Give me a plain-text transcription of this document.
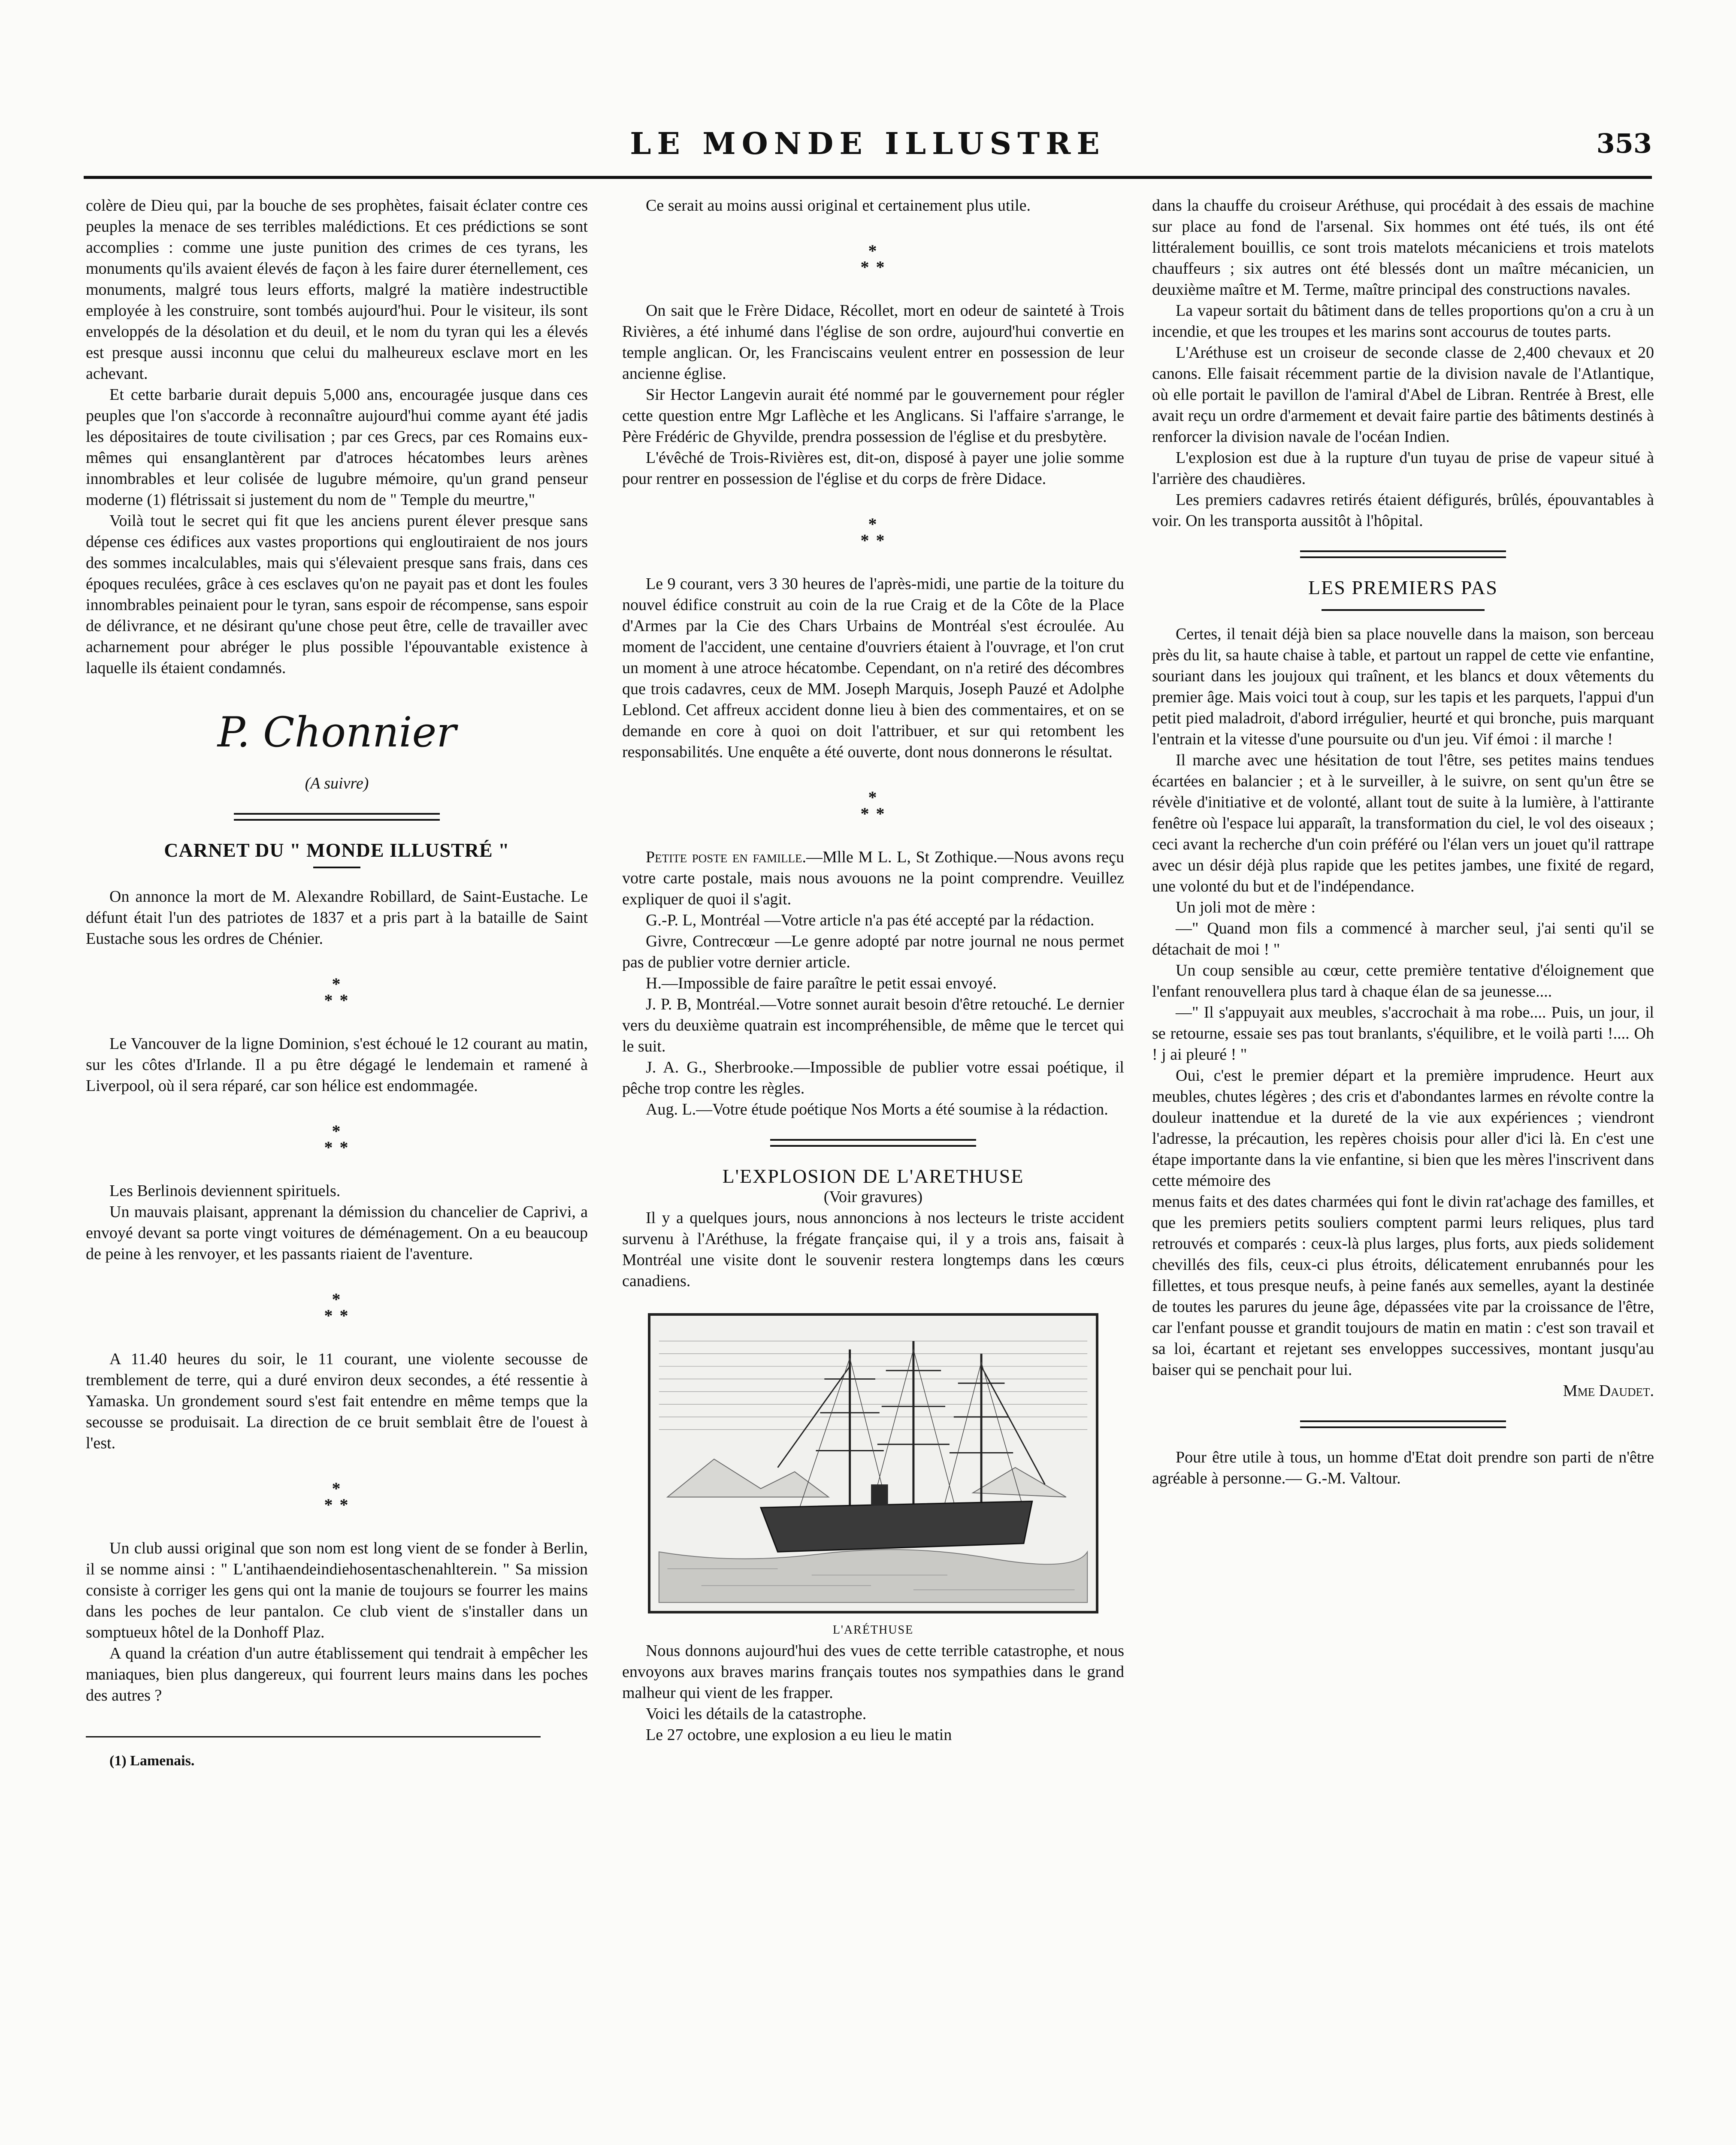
LE MONDE ILLUSTRE	353

colère de Dieu qui, par la bouche de ses prophètes, faisait éclater contre ces peuples la menace de ses terribles malédictions. Et ces prédictions se sont accomplies : comme une juste punition des crimes de ces tyrans, les monuments qu'ils avaient élevés de façon à les faire durer éternellement, ces monuments, malgré tous leurs efforts, malgré la matière indestructible employée à les construire, sont tombés aujourd'hui. Pour le visiteur, ils sont enveloppés de la désolation et du deuil, et le nom du tyran qui les a élevés est presque aussi inconnu que celui du malheureux esclave mort en les achevant.

Et cette barbarie durait depuis 5,000 ans, encouragée jusque dans ces peuples que l'on s'accorde à reconnaître aujourd'hui comme ayant été jadis les dépositaires de toute civilisation ; par ces Grecs, par ces Romains eux-mêmes qui ensanglantèrent par d'atroces hécatombes leurs arènes innombrables et leur colisée de lugubre mémoire, qu'un grand penseur moderne (1) flétrissait si justement du nom de " Temple du meurtre,"

Voilà tout le secret qui fit que les anciens purent élever presque sans dépense ces édifices aux vastes proportions qui engloutiraient de nos jours des sommes incalculables, mais qui s'élevaient presque sans frais, dans ces époques reculées, grâce à ces esclaves qu'on ne payait pas et dont les foules innombrables peinaient pour le tyran, sans espoir de récompense, sans espoir de délivrance, et ne désirant qu'une chose peut être, celle de travailler avec acharnement pour abréger le plus possible l'épouvantable existence à laquelle ils étaient condamnés.

P. Chonnier

(A suivre)

CARNET DU " MONDE ILLUSTRÉ "

On annonce la mort de M. Alexandre Robillard, de Saint-Eustache. Le défunt était l'un des patriotes de 1837 et a pris part à la bataille de Saint Eustache sous les ordres de Chénier.

*
* *

Le Vancouver de la ligne Dominion, s'est échoué le 12 courant au matin, sur les côtes d'Irlande. Il a pu être dégagé le lendemain et ramené à Liverpool, où il sera réparé, car son hélice est endommagée.

*
* *

Les Berlinois deviennent spirituels.

Un mauvais plaisant, apprenant la démission du chancelier de Caprivi, a envoyé devant sa porte vingt voitures de déménagement. On a eu beaucoup de peine à les renvoyer, et les passants riaient de l'aventure.

*
* *

A 11.40 heures du soir, le 11 courant, une violente secousse de tremblement de terre, qui a duré environ deux secondes, a été ressentie à Yamaska. Un grondement sourd s'est fait entendre en même temps que la secousse se produisait. La direction de ce bruit semblait être de l'ouest à l'est.

*
* *

Un club aussi original que son nom est long vient de se fonder à Berlin, il se nomme ainsi : " L'antihaendeindiehosentaschenahlterein. " Sa mission consiste à corriger les gens qui ont la manie de toujours se fourrer les mains dans les poches de leur pantalon. Ce club vient de s'installer dans un somptueux hôtel de la Donhoff Plaz.

A quand la création d'un autre établissement qui tendrait à empêcher les maniaques, bien plus dangereux, qui fourrent leurs mains dans les poches des autres ?

(1) Lamenais.

Ce serait au moins aussi original et certainement plus utile.

*
* *

On sait que le Frère Didace, Récollet, mort en odeur de sainteté à Trois Rivières, a été inhumé dans l'église de son ordre, aujourd'hui convertie en temple anglican. Or, les Franciscains veulent entrer en possession de leur ancienne église.

Sir Hector Langevin aurait été nommé par le gouvernement pour régler cette question entre Mgr Laflèche et les Anglicans. Si l'affaire s'arrange, le Père Frédéric de Ghyvilde, prendra possession de l'église et du presbytère.

L'évêché de Trois-Rivières est, dit-on, disposé à payer une jolie somme pour rentrer en possession de l'église et du corps de frère Didace.

*
* *

Le 9 courant, vers 3 30 heures de l'après-midi, une partie de la toiture du nouvel édifice construit au coin de la rue Craig et de la Côte de la Place d'Armes par la Cie des Chars Urbains de Montréal s'est écroulée. Au moment de l'accident, une centaine d'ouvriers étaient à l'ouvrage, et l'on crut un moment à une atroce hécatombe. Cependant, on n'a retiré des décombres que trois cadavres, ceux de MM. Joseph Marquis, Joseph Pauzé et Adolphe Leblond. Cet affreux accident donne lieu à bien des commentaires, et on se demande en core à quoi on doit l'attribuer, et sur qui retombent les responsabilités. Une enquête a été ouverte, dont nous donnerons le résultat.

*
* *

Petite poste en famille.—Mlle M L. L, St Zothique.—Nous avons reçu votre carte postale, mais nous avouons ne la point comprendre. Veuillez expliquer de quoi il s'agit.

G.-P. L, Montréal —Votre article n'a pas été accepté par la rédaction.

Givre, Contrecœur —Le genre adopté par notre journal ne nous permet pas de publier votre dernier article.

H.—Impossible de faire paraître le petit essai envoyé.

J. P. B, Montréal.—Votre sonnet aurait besoin d'être retouché. Le dernier vers du deuxième quatrain est incompréhensible, de même que le tercet qui le suit.

J. A. G., Sherbrooke.—Impossible de publier votre essai poétique, il pêche trop contre les règles.

Aug. L.—Votre étude poétique Nos Morts a été soumise à la rédaction.

L'EXPLOSION DE L'ARETHUSE

(Voir gravures)

Il y a quelques jours, nous annoncions à nos lecteurs le triste accident survenu à l'Aréthuse, la frégate française qui, il y a trois ans, faisait à Montréal une visite dont le souvenir restera longtemps dans les cœurs canadiens.

L'ARÉTHUSE

Nous donnons aujourd'hui des vues de cette terrible catastrophe, et nous envoyons aux braves marins français toutes nos sympathies dans le grand malheur qui vient de les frapper.

Voici les détails de la catastrophe.

Le 27 octobre, une explosion a eu lieu le matin

dans la chauffe du croiseur Aréthuse, qui procédait à des essais de machine sur place au fond de l'arsenal. Six hommes ont été tués, ils ont été littéralement bouillis, ce sont trois matelots mécaniciens et trois matelots chauffeurs ; six autres ont été blessés dont un maître mécanicien, un deuxième maître et M. Terme, maître principal des constructions navales.

La vapeur sortait du bâtiment dans de telles proportions qu'on a cru à un incendie, et que les troupes et les marins sont accourus de toutes parts.

L'Aréthuse est un croiseur de seconde classe de 2,400 chevaux et 20 canons. Elle faisait récemment partie de la division navale de l'Atlantique, où elle portait le pavillon de l'amiral d'Abel de Libran. Rentrée à Brest, elle avait reçu un ordre d'armement et devait faire partie des bâtiments destinés à renforcer la division navale de l'océan Indien.

L'explosion est due à la rupture d'un tuyau de prise de vapeur situé à l'arrière des chaudières.

Les premiers cadavres retirés étaient défigurés, brûlés, épouvantables à voir. On les transporta aussitôt à l'hôpital.

LES PREMIERS PAS

Certes, il tenait déjà bien sa place nouvelle dans la maison, son berceau près du lit, sa haute chaise à table, et partout un rappel de cette vie enfantine, souriant dans les joujoux qui traînent, et les blancs et doux vêtements du premier âge. Mais voici tout à coup, sur les tapis et les parquets, l'appui d'un petit pied maladroit, d'abord irrégulier, heurté et qui bronche, puis marquant l'entrain et la vitesse d'une poursuite ou d'un jeu. Vif émoi : il marche !

Il marche avec une hésitation de tout l'être, ses petites mains tendues écartées en balancier ; et à le surveiller, à le suivre, on sent qu'un être se révèle d'initiative et de volonté, allant tout de suite à la lumière, à l'attirante fenêtre où l'espace lui apparaît, la transformation du ciel, le vol des oiseaux ; ceci avant la recherche d'un coin préféré ou l'élan vers un jouet qu'il rattrape avec un désir déjà plus rapide que les petites jambes, une fixité de regard, une volonté du but et de l'indépendance.

Un joli mot de mère :

—" Quand mon fils a commencé à marcher seul, j'ai senti qu'il se détachait de moi ! "

Un coup sensible au cœur, cette première tentative d'éloignement que l'enfant renouvellera plus tard à chaque élan de sa jeunesse....

—" Il s'appuyait aux meubles, s'accrochait à ma robe.... Puis, un jour, il se retourne, essaie ses pas tout branlants, s'équilibre, et le voilà parti !.... Oh ! j ai pleuré ! "

Oui, c'est le premier départ et la première imprudence. Heurt aux meubles, chutes légères ; des cris et d'abondantes larmes en révolte contre la douleur inattendue et la dureté de la vie aux expériences ; viendront l'adresse, la précaution, les repères choisis pour aller d'ici là. En c'est une étape importante dans la vie enfantine, si bien que les mères l'inscrivent dans cette mémoire des

menus faits et des dates charmées qui font le divin rat'achage des familles, et que les premiers petits souliers comptent parmi leurs reliques, plus tard retrouvés et comparés : ceux-là plus larges, plus forts, aux pieds solidement chevillés des fils, ceux-ci plus étroits, délicatement enrubannés pour les fillettes, et tous presque neufs, à peine fanés aux semelles, ayant la destinée de toutes les parures du jeune âge, dépassées vite par la croissance de l'être, car l'enfant pousse et grandit toujours de matin en matin : c'est son travail et sa loi, écartant et rejetant ses enveloppes successives, montant jusqu'au baiser qui se penchait pour lui.

Mme Daudet.

Pour être utile à tous, un homme d'Etat doit prendre son parti de n'être agréable à personne.— G.-M. Valtour.
